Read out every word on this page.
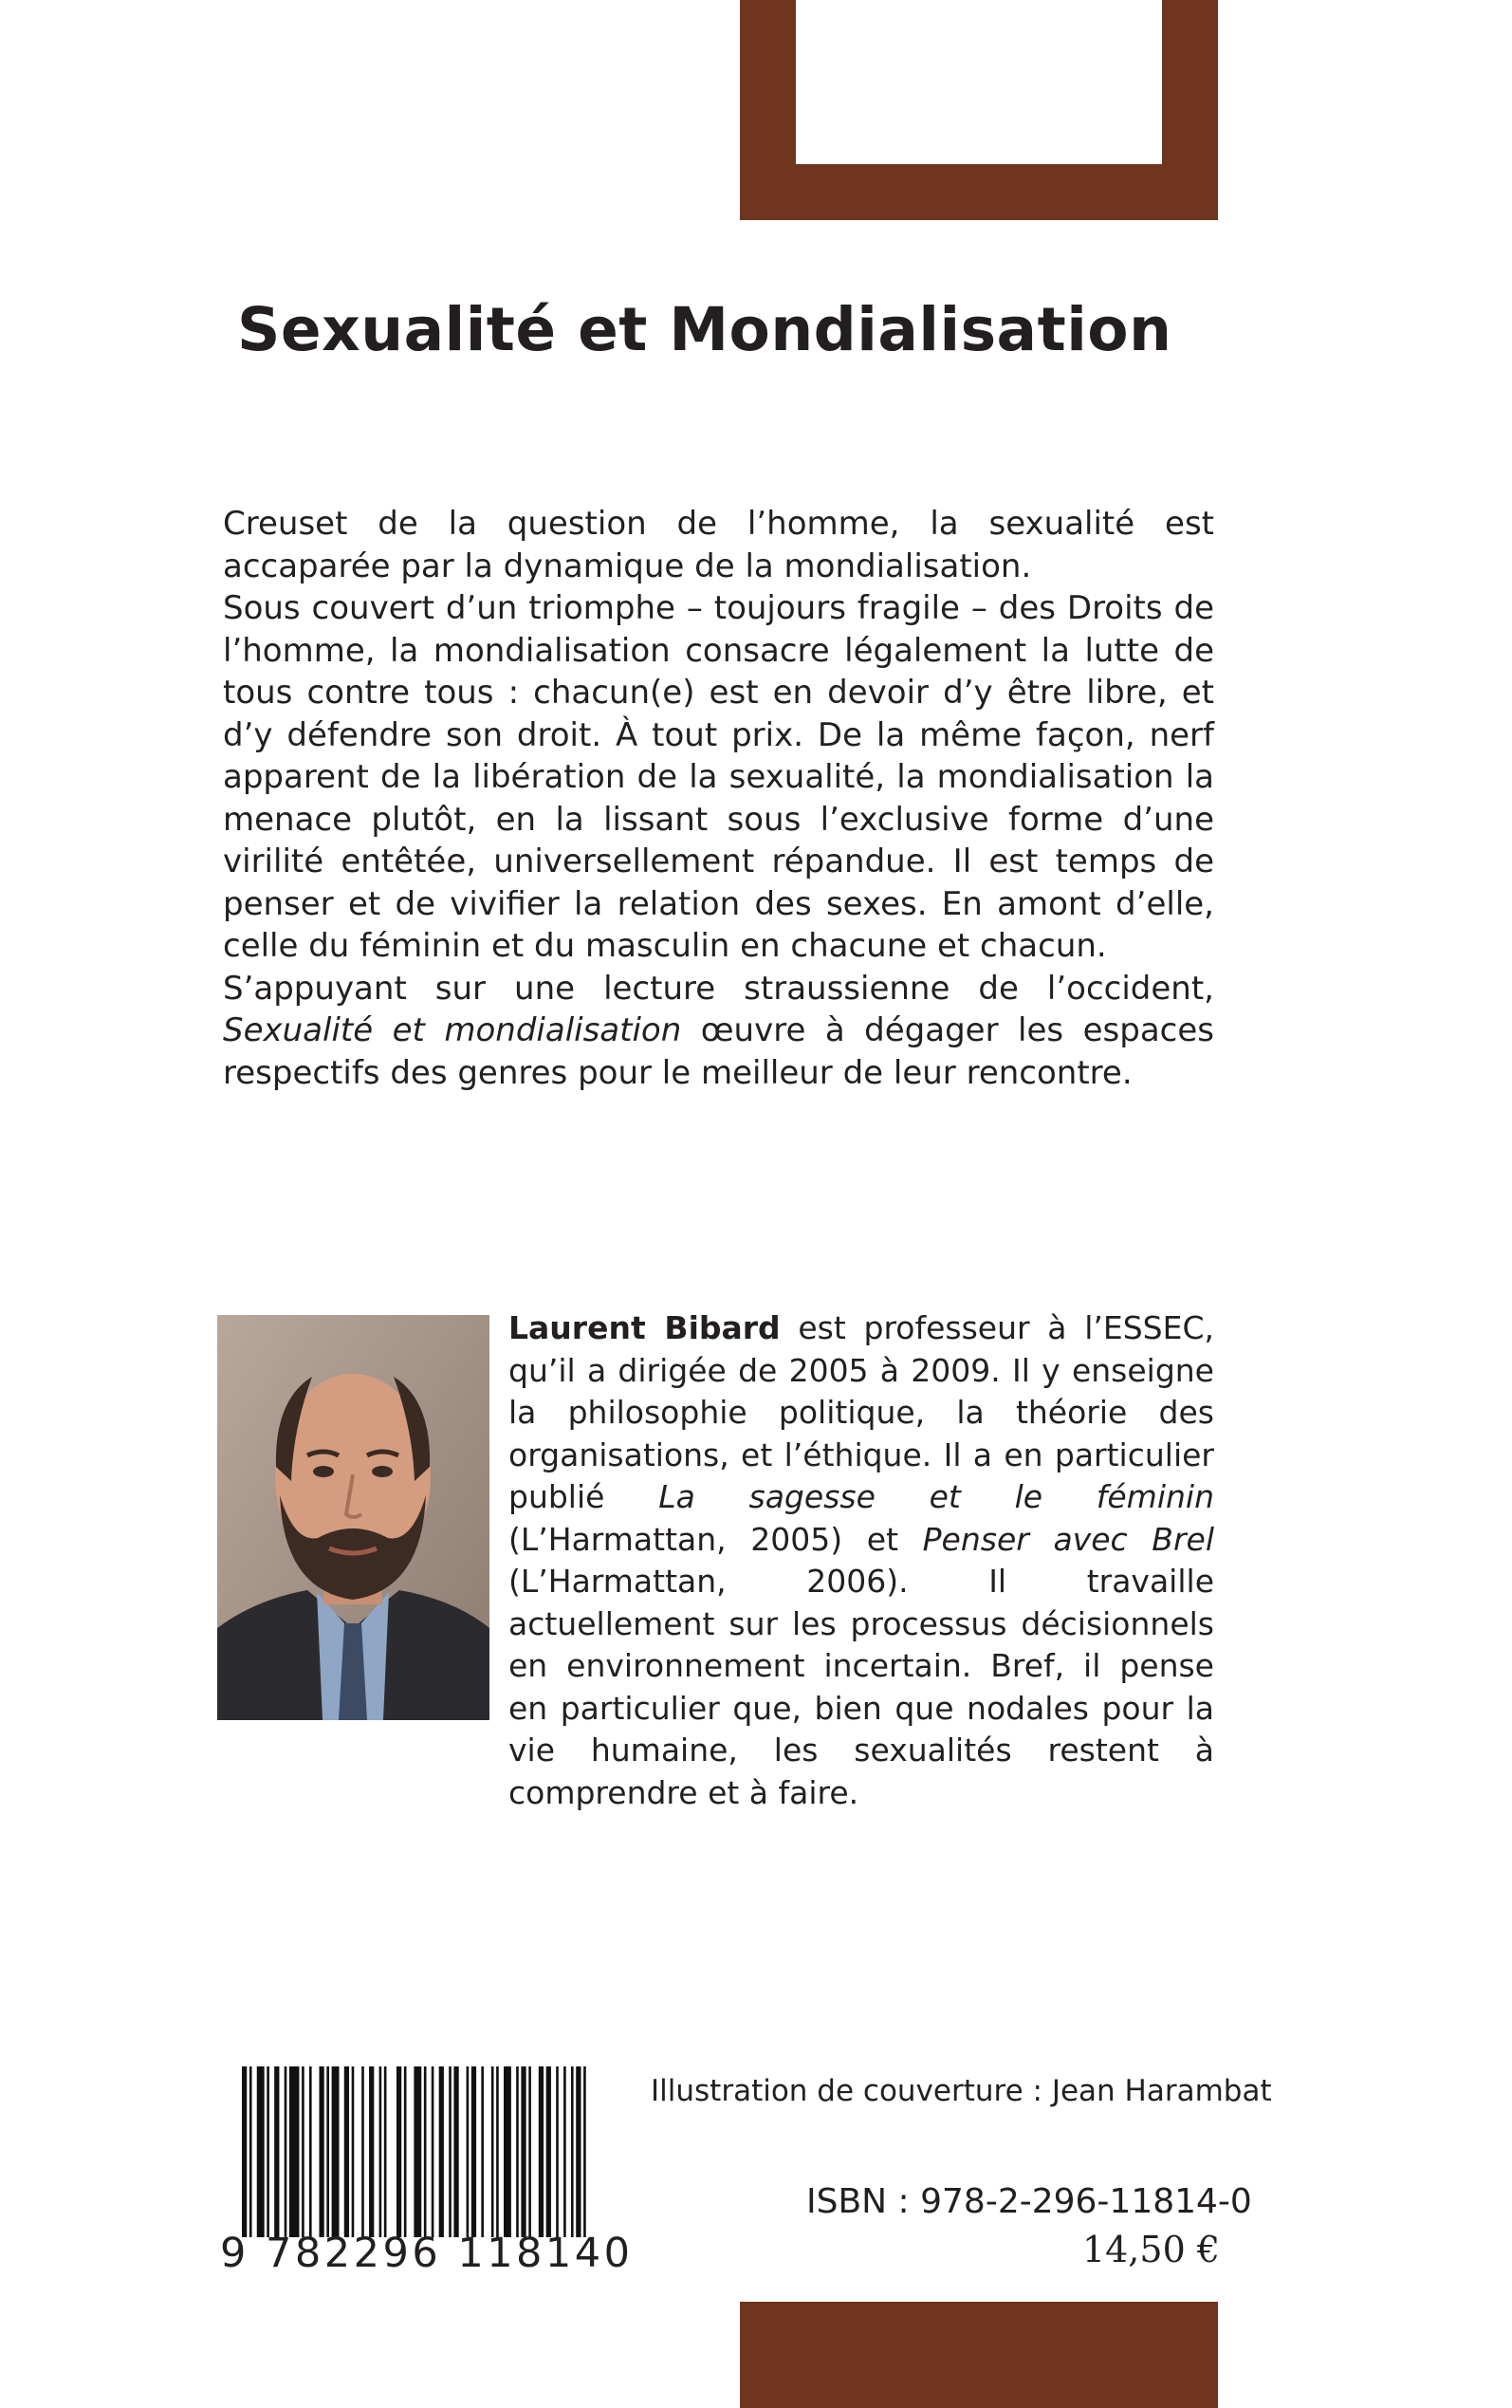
Sexualité et Mondialisation

Creuset de la question de l’homme, la sexualité est accaparée par la dynamique de la mondialisation.

Sous couvert d’un triomphe – toujours fragile – des Droits de l’homme, la mondialisation consacre légalement la lutte de tous contre tous : chacun(e) est en devoir d’y être libre, et d’y défendre son droit. À tout prix. De la même façon, nerf apparent de la libération de la sexualité, la mondialisation la menace plutôt, en la lissant sous l’exclusive forme d’une virilité entêtée, universellement répandue. Il est temps de penser et de vivifier la relation des sexes. En amont d’elle, celle du féminin et du masculin en chacune et chacun.

S’appuyant sur une lecture straussienne de l’occident, Sexualité et mondialisation œuvre à dégager les espaces respectifs des genres pour le meilleur de leur rencontre.

Laurent Bibard est professeur à l’ESSEC, qu’il a dirigée de 2005 à 2009. Il y enseigne la philosophie politique, la théorie des organisations, et l’éthique. Il a en particulier publié La sagesse et le féminin (L’Harmattan, 2005) et Penser avec Brel (L’Harmattan, 2006). Il travaille actuellement sur les processus décisionnels en environnement incertain. Bref, il pense en particulier que, bien que nodales pour la vie humaine, les sexualités restent à comprendre et à faire.

9 782296 118140
Illustration de couverture : Jean Harambat
ISBN : 978-2-296-11814-0
14,50 €
